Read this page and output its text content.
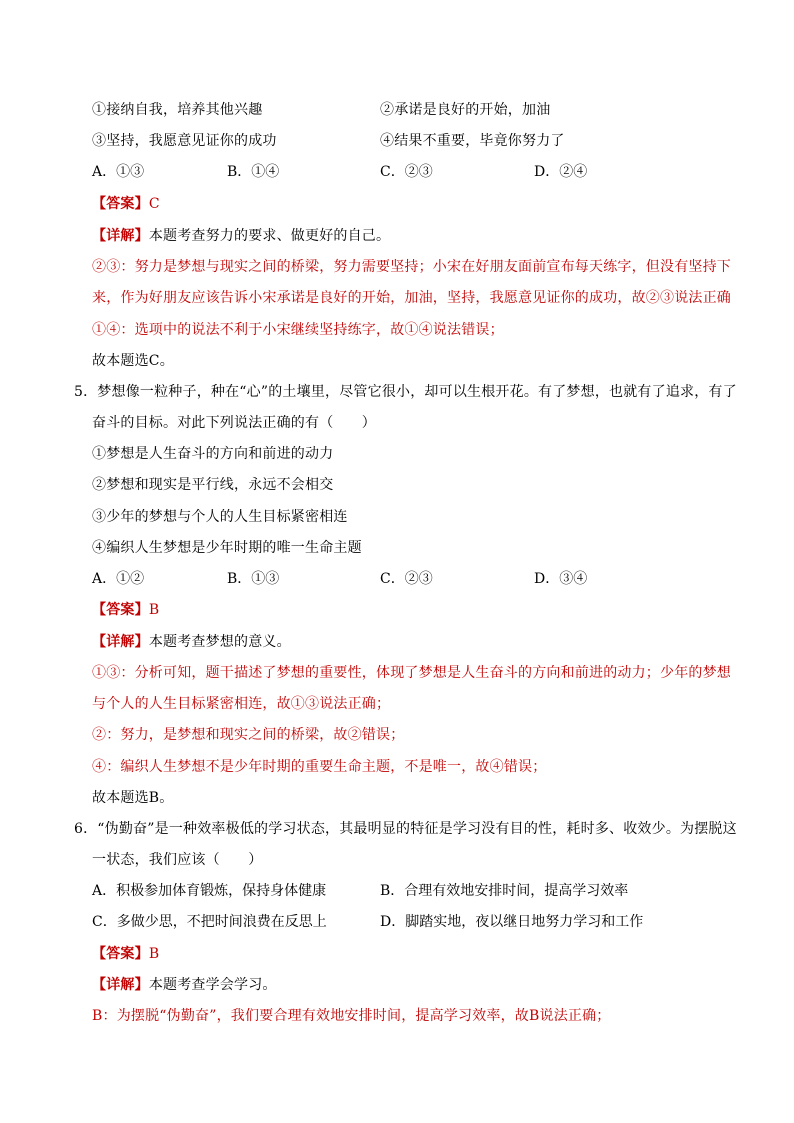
①接纳自我，培养其他兴趣	②承诺是良好的开始，加油
③坚持，我愿意见证你的成功	④结果不重要，毕竟你努力了
A．①③	B．①④	C．②③	D．②④
【答案】C
【详解】本题考查努力的要求、做更好的自己。
②③：努力是梦想与现实之间的桥梁，努力需要坚持；小宋在好朋友面前宣布每天练字，但没有坚持下
来，作为好朋友应该告诉小宋承诺是良好的开始，加油，坚持，我愿意见证你的成功，故②③说法正确
①④：选项中的说法不利于小宋继续坚持练字，故①④说法错误；
故本题选C。
5．梦想像一粒种子，种在“心”的土壤里，尽管它很小，却可以生根开花。有了梦想，也就有了追求，有了
奋斗的目标。对此下列说法正确的有（　　）
①梦想是人生奋斗的方向和前进的动力
②梦想和现实是平行线，永远不会相交
③少年的梦想与个人的人生目标紧密相连
④编织人生梦想是少年时期的唯一生命主题
A．①②	B．①③	C．②③	D．③④
【答案】B
【详解】本题考查梦想的意义。
①③：分析可知，题干描述了梦想的重要性，体现了梦想是人生奋斗的方向和前进的动力；少年的梦想
与个人的人生目标紧密相连，故①③说法正确；
②：努力，是梦想和现实之间的桥梁，故②错误；
④：编织人生梦想不是少年时期的重要生命主题，不是唯一，故④错误；
故本题选B。
6．“伪勤奋”是一种效率极低的学习状态，其最明显的特征是学习没有目的性，耗时多、收效少。为摆脱这
一状态，我们应该（　　）
A．积极参加体育锻炼，保持身体健康	B．合理有效地安排时间，提高学习效率
C．多做少思，不把时间浪费在反思上	D．脚踏实地，夜以继日地努力学习和工作
【答案】B
【详解】本题考查学会学习。
B：为摆脱“伪勤奋”，我们要合理有效地安排时间，提高学习效率，故B说法正确；
